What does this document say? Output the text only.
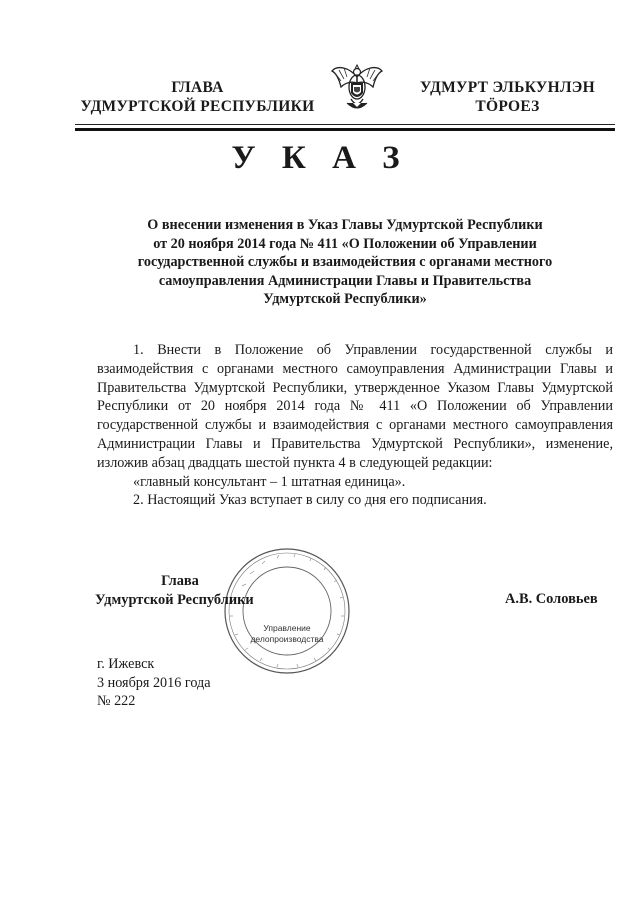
ГЛАВА
УДМУРТСКОЙ РЕСПУБЛИКИ
УДМУРТ ЭЛЬКУНЛЭН
ТӦРОЕЗ
У К А З
О внесении изменения в Указ Главы Удмуртской Республики
от 20 ноября 2014 года № 411 «О Положении об Управлении
государственной службы и взаимодействия с органами местного
самоуправления Администрации Главы и Правительства
Удмуртской Республики»

1. Внести в Положение об Управлении государственной службы и взаимодействия с органами местного самоуправления Администрации Главы и Правительства Удмуртской Республики, утвержденное Указом Главы Удмуртской Республики от 20 ноября 2014 года № 411 «О Положении об Управлении государственной службы и взаимодействия с органами местного самоуправления Администрации Главы и Правительства Удмуртской Республики», изменение, изложив абзац двадцать шестой пункта 4 в следующей редакции:

«главный консультант – 1 штатная единица».

2. Настоящий Указ вступает в силу со дня его подписания.

Управление
делопроизводства
Глава
Удмуртской Республики	А.В. Соловьев
г. Ижевск
3 ноября 2016 года
№ 222
